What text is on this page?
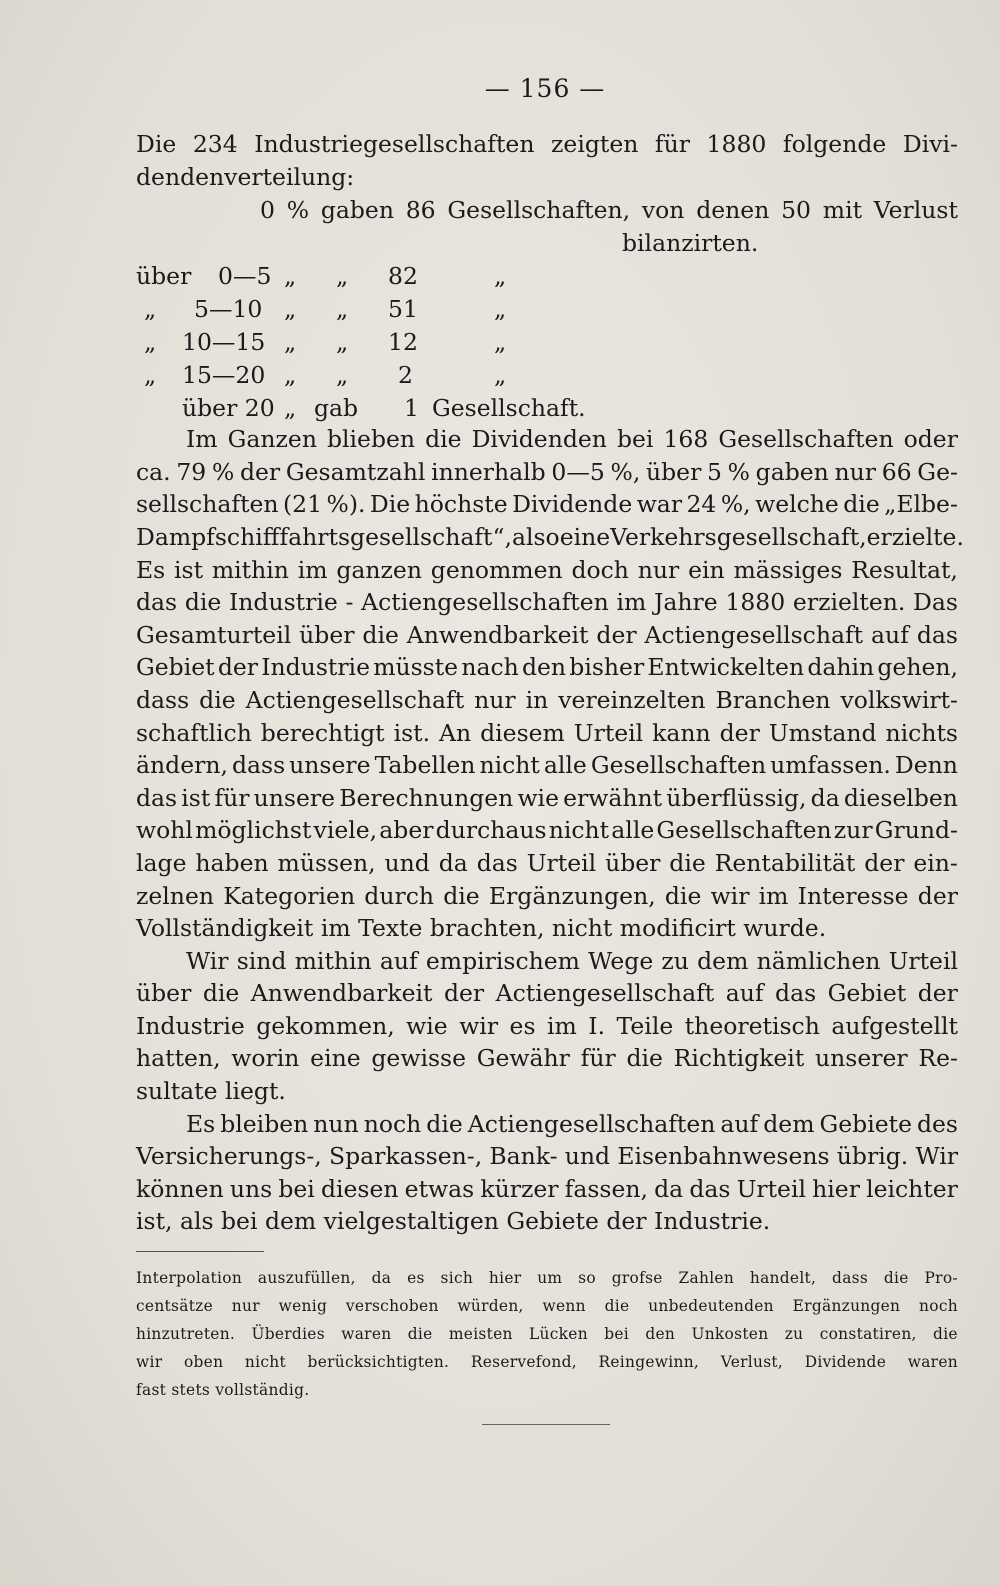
— 156 —
Die 234 Industriegesellschaften zeigten für 1880 folgende Divi-
dendenverteilung:
0 % gaben 86 Gesellschaften, von denen 50 mit Verlust
bilanzirten.
über 0—5 „ „ 82	„
„ 5—10 „ „ 51	„
„ 10—15 „ „ 12	„
„ 15—20 „ „ 2	„
über 20 „ gab 1 Gesellschaft.
Im Ganzen blieben die Dividenden bei 168 Gesellschaften oder
ca. 79 % der Gesamtzahl innerhalb 0—5 %, über 5 % gaben nur 66 Ge-
sellschaften (21 %). Die höchste Dividende war 24 %, welche die „Elbe-
Dampfschifffahrtsgesellschaft“, also eine Verkehrsgesellschaft, erzielte.
Es ist mithin im ganzen genommen doch nur ein mässiges Resultat,
das die Industrie - Actiengesellschaften im Jahre 1880 erzielten. Das
Gesamturteil über die Anwendbarkeit der Actiengesellschaft auf das
Gebiet der Industrie müsste nach den bisher Entwickelten dahin gehen,
dass die Actiengesellschaft nur in vereinzelten Branchen volkswirt-
schaftlich berechtigt ist. An diesem Urteil kann der Umstand nichts
ändern, dass unsere Tabellen nicht alle Gesellschaften umfassen. Denn
das ist für unsere Berechnungen wie erwähnt überflüssig, da dieselben
wohl möglichst viele, aber durchaus nicht alle Gesellschaften zur Grund-
lage haben müssen, und da das Urteil über die Rentabilität der ein-
zelnen Kategorien durch die Ergänzungen, die wir im Interesse der
Vollständigkeit im Texte brachten, nicht modificirt wurde.
Wir sind mithin auf empirischem Wege zu dem nämlichen Urteil
über die Anwendbarkeit der Actiengesellschaft auf das Gebiet der
Industrie gekommen, wie wir es im I. Teile theoretisch aufgestellt
hatten, worin eine gewisse Gewähr für die Richtigkeit unserer Re-
sultate liegt.
Es bleiben nun noch die Actiengesellschaften auf dem Gebiete des
Versicherungs-, Sparkassen-, Bank- und Eisenbahnwesens übrig. Wir
können uns bei diesen etwas kürzer fassen, da das Urteil hier leichter
ist, als bei dem vielgestaltigen Gebiete der Industrie.
Interpolation auszufüllen, da es sich hier um so grofse Zahlen handelt, dass die Pro-
centsätze nur wenig verschoben würden, wenn die unbedeutenden Ergänzungen noch
hinzutreten. Überdies waren die meisten Lücken bei den Unkosten zu constatiren, die
wir oben nicht berücksichtigten. Reservefond, Reingewinn, Verlust, Dividende waren
fast stets vollständig.
